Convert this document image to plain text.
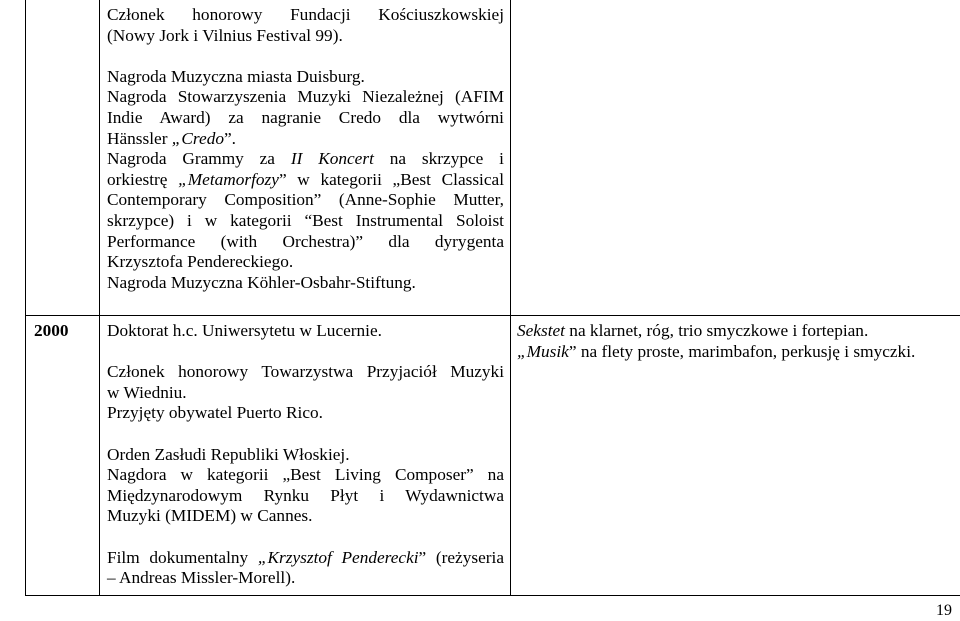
Członek honorowy Fundacji Kościuszkowskiej

(Nowy Jork i Vilnius Festival 99).

Nagroda Muzyczna miasta Duisburg.

Nagroda Stowarzyszenia Muzyki Niezależnej (AFIM

Indie Award) za nagranie Credo dla wytwórni

Hänssler „Credo”.

Nagroda Grammy za II Koncert na skrzypce i

orkiestrę „Metamorfozy” w kategorii „Best Classical

Contemporary Composition” (Anne-Sophie Mutter,

skrzypce) i w kategorii “Best Instrumental Soloist

Performance (with Orchestra)” dla dyrygenta

Krzysztofa Pendereckiego.

Nagroda Muzyczna Köhler-Osbahr-Stiftung.

2000	Doktorat h.c. Uniwersytetu w Lucernie.

Członek honorowy Towarzystwa Przyjaciół Muzyki

w Wiedniu.

Przyjęty obywatel Puerto Rico.

Orden Zasłudi Republiki Włoskiej.

Nagdora w kategorii „Best Living Composer” na

Międzynarodowym Rynku Płyt i Wydawnictwa

Muzyki (MIDEM) w Cannes.

Film dokumentalny „Krzysztof Penderecki” (reżyseria

– Andreas Missler-Morell).

Sekstet na klarnet, róg, trio smyczkowe i fortepian.

„Musik” na flety proste, marimbafon, perkusję i smyczki.

19
